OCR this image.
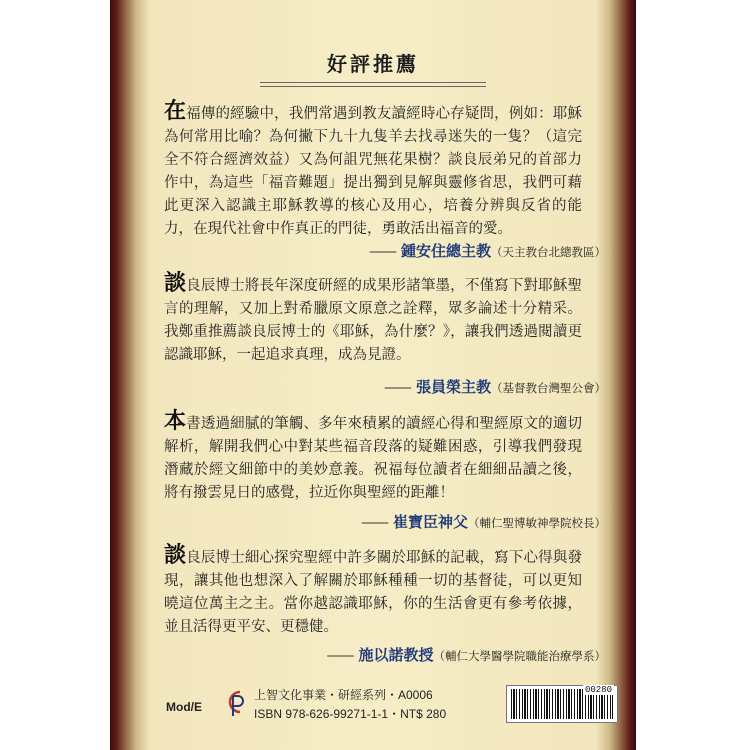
好評推薦
在福傳的經驗中，我們常遇到教友讀經時心存疑問，例如：耶穌為何常用比喻？為何撇下九十九隻羊去找尋迷失的一隻？（這完全不符合經濟效益）又為何詛咒無花果樹？談良辰弟兄的首部力作中，為這些「福音難題」提出獨到見解與靈修省思，我們可藉此更深入認識主耶穌教導的核心及用心，培養分辨與反省的能力，在現代社會中作真正的門徒，勇敢活出福音的愛。
—— 鍾安住總主教（天主教台北總教區）
談良辰博士將長年深度研經的成果形諸筆墨，不僅寫下對耶穌聖言的理解，又加上對希臘原文原意之詮釋，眾多論述十分精采。我鄭重推薦談良辰博士的《耶穌，為什麼？》，讓我們透過閱讀更認識耶穌，一起追求真理，成為見證。
—— 張員榮主教（基督教台灣聖公會）
本書透過細膩的筆觸、多年來積累的讀經心得和聖經原文的適切解析，解開我們心中對某些福音段落的疑難困惑，引導我們發現潛藏於經文細節中的美妙意義。祝福每位讀者在細細品讀之後，將有撥雲見日的感覺，拉近你與聖經的距離！
—— 崔寶臣神父（輔仁聖博敏神學院校長）
談良辰博士細心探究聖經中許多關於耶穌的記載，寫下心得與發現，讓其他也想深入了解關於耶穌種種一切的基督徒，可以更知曉這位萬主之主。當你越認識耶穌，你的生活會更有參考依據，並且活得更平安、更穩健。
—— 施以諾教授（輔仁大學醫學院職能治療學系）
Mod/E
上智文化事業・研經系列・A0006
ISBN 978-626-99271-1-1・NT$ 280
00280
